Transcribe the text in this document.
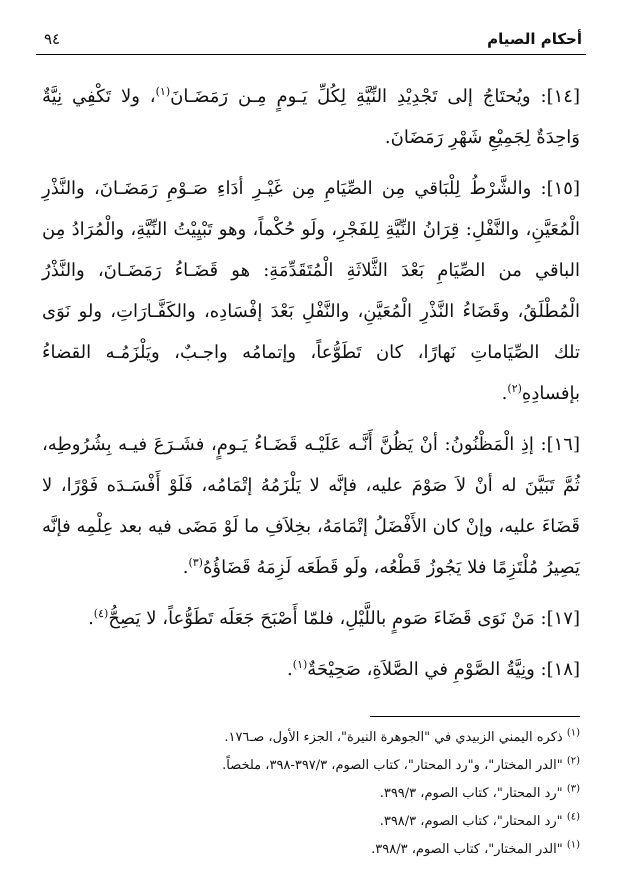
أحكام الصيام
٩٤

[١٤]: ويُحتَاجُ إلى تَجْدِيْدِ النِّيَّةِ لِكُلِّ يَـومٍ مِـن رَمَضَـانَ$^{(١)}$، ولا تَكْفِي نِيَّةٌ وَاحِدَةٌ لِجَمِيْعِ شَهْرِ رَمَضَانَ.

[١٥]: والشَّرْطُ لِلْبَاقي مِن الصِّيَامِ مِن غَيْـرِ أدَاءِ صَـوْمِ رَمَضَـانَ، والنَّذْرِ الْمُعَيَّنِ، والنَّفْلِ: قِرَانُ النِّيَّةِ لِلفَجْرِ، ولَو حُكْماً، وهو تَبْيِيْتُ النِّيَّةِ، والْمُرَادُ مِن الباقي من الصِّيَامِ بَعْدَ الثَّلاثَةِ الْمُتَقَدِّمَةِ: هو قَضَـاءُ رَمَضَـانَ، والنَّذْرُ الْمُطْلَقُ، وقَضَاءُ النَّذْرِ الْمُعَيَّنِ، والنَّفْلِ بَعْدَ إفْسَادِه، والكَفَّـارَاتِ، ولو نَوَى تلك الصِّيَاماتِ نَهارًا، كان تَطَوُّعاً، وإتمامُه واجـبٌ، ويَلْزَمُـه القضاءُ بإفسادِهِ$^{(٢)}$.

[١٦]: إذِ الْمَظْنُونُ: أنْ يَظُنَّ أَنَّـه عَلَيْـه قَضَـاءُ يَـومٍ، فشَـرَعَ فيـه بِشُرُوطِه، ثُمَّ تَبَيَّنَ له أنْ لاَ صَوْمَ عليه، فإنَّه لا يَلْزَمُهُ إتْمَامُه، فَلَوْ أَفْسَـدَه فَوْرًا، لا قَضَاءَ عليه، وإنْ كان الأَفْضَلُ إتْمَامَهُ، بخِلاَفِ ما لَوْ مَضَى فيه بعد عِلْمِه فإنَّه يَصِيرُ مُلْتَزِمًا فلا يَجُوزُ قَطْعُه، ولَو قَطَعَه لَزِمَهُ قَضَاؤُهُ$^{(٣)}$.

[١٧]: مَنْ نَوَى قَضَاءَ صَومٍ باللَّيْلِ، فلمّا أَصْبَحَ جَعَلَه تَطَوُّعاً، لا يَصِحُّ$^{(٤)}$.

[١٨]: ونِيَّةُ الصَّوْمِ في الصَّلاَةِ، صَحِيْحَةٌ$^{(١)}$.

$^{(١)}$ ذكره اليمني الزبيدي في "الجوهرة النيرة"، الجزء الأول، صـ١٧٦.
$^{(٢)}$ "الدر المختار"، و"رد المحتار"، كتاب الصوم، ٣٩٧/٣-٣٩٨، ملخصاً.
$^{(٣)}$ "رد المحتار"، كتاب الصوم، ٣٩٩/٣.
$^{(٤)}$ "رد المحتار"، كتاب الصوم، ٣٩٨/٣.
$^{(١)}$ "الدر المختار"، كتاب الصوم، ٣٩٨/٣.
